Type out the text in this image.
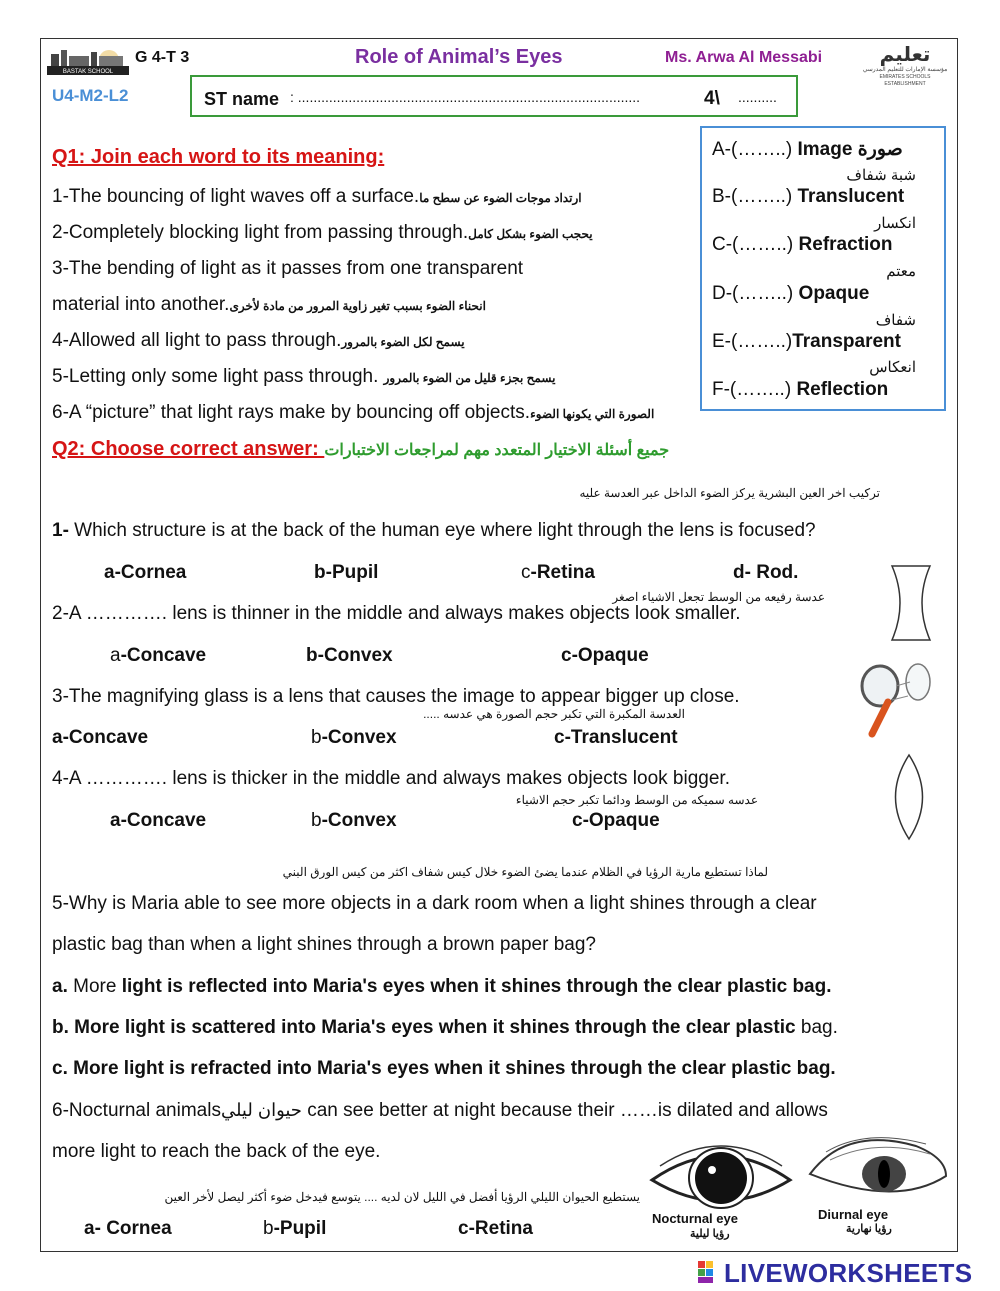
BASTAK SCHOOL
G 4-T 3	Role of Animal’s Eyes	Ms. Arwa Al Messabi	تعليم
مؤسسة الإمارات للتعليم المدرسي
EMIRATES SCHOOLS ESTABLISHMENT
U4-M2-L2	ST name : ........................................................................................	4\ ..........
Q1: Join each word to its meaning:
1-The bouncing of light waves off a surface.ارتداد موجات الضوء عن سطح ما
2-Completely blocking light from passing through.يحجب الضوء بشكل كامل
3-The bending of light as it passes from one transparent
material into another.انحناء الضوء بسبب تغير زاوية المرور من مادة لأخرى
4-Allowed all light to pass through.يسمح لكل الضوء بالمرور
5-Letting only some light pass through. يسمح بجزء قليل من الضوء بالمرور
6-A “picture” that light rays make by bouncing off objects.الصورة التي يكونها الضوء
A-(……..) Image صورة
شبة شفاف
B-(……..) Translucent
انكسار
C-(……..) Refraction
معتم
D-(……..) Opaque
شفاف
E-(……..)Transparent
انعكاس
F-(……..) Reflection
Q2: Choose correct answer: جميع أسئلة الاختيار المتعدد مهم لمراجعات الاختبارات
تركيب اخر العين البشرية يركز الضوء الداخل عبر العدسة عليه
1- Which structure is at the back of the human eye where light through the lens is focused?
a-Cornea	b-Pupil	c-Retina	d- Rod.
عدسة رفيعه من الوسط تجعل الاشياء اصغر
2-A …………. lens is thinner in the middle and always makes objects look smaller.
a-Concave	b-Convex	c-Opaque
3-The magnifying glass is a lens that causes the image to appear bigger up close.
العدسة المكبرة التي تكبر حجم الصورة هي عدسه .....
a-Concave	b-Convex	c-Translucent
4-A …………. lens is thicker in the middle and always makes objects look bigger.
عدسه سميكه من الوسط ودائما تكبر حجم الاشياء
a-Concave	b-Convex	c-Opaque
لماذا تستطيع مارية الرؤيا في الظلام عندما يضئ الضوء خلال كيس شفاف اكثر من كيس الورق البني
5-Why is Maria able to see more objects in a dark room when a light shines through a clear
plastic bag than when a light shines through a brown paper bag?
a. More light is reflected into Maria's eyes when it shines through the clear plastic bag.
b. More light is scattered into Maria's eyes when it shines through the clear plastic bag.
c. More light is refracted into Maria's eyes when it shines through the clear plastic bag.
6-Nocturnal animalsحيوان ليلي can see better at night because their ……is dilated and allows
more light to reach the back of the eye.
يستطيع الحيوان الليلي الرؤيا أفضل في الليل لان لديه .... يتوسع فيدخل ضوء أكثر ليصل لأخر العين
a- Cornea	b-Pupil	c-Retina	Nocturnal eye
رؤيا ليلية
Diurnal eye
رؤيا نهارية
LIVEWORKSHEETS
